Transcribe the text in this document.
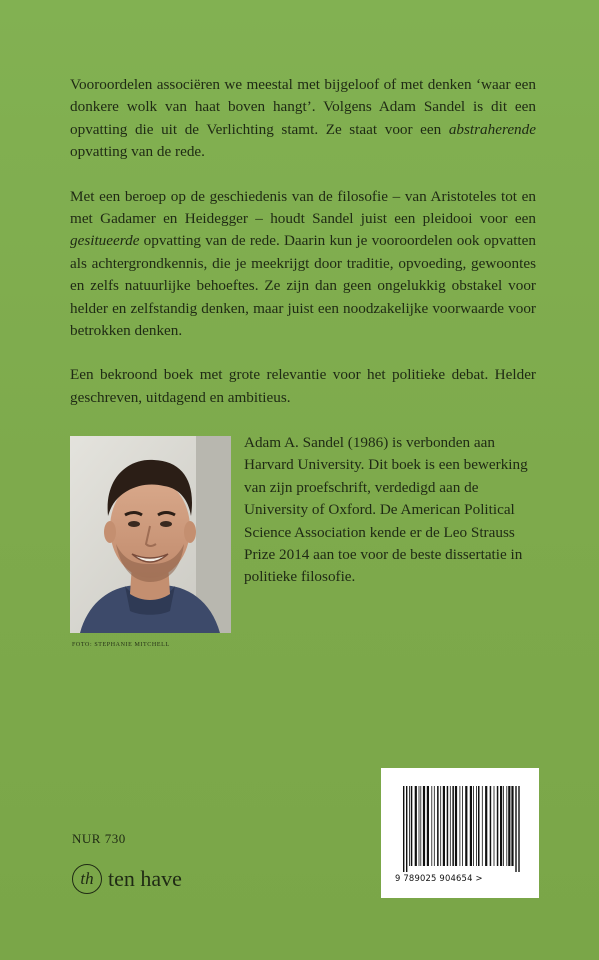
Vooroordelen associëren we meestal met bijgeloof of met denken ‘waar een donkere wolk van haat boven hangt’. Volgens Adam Sandel is dit een opvatting die uit de Verlichting stamt. Ze staat voor een abstraherende opvatting van de rede.

Met een beroep op de geschiedenis van de filosofie – van Aristoteles tot en met Gadamer en Heidegger – houdt Sandel juist een pleidooi voor een gesitueerde opvatting van de rede. Daarin kun je vooroordelen ook opvatten als achtergrondkennis, die je meekrijgt door traditie, opvoeding, gewoontes en zelfs natuurlijke behoeftes. Ze zijn dan geen ongelukkig obstakel voor helder en zelfstandig denken, maar juist een noodzakelijke voorwaarde voor betrokken denken.

Een bekroond boek met grote relevantie voor het politieke debat. Helder geschreven, uitdagend en ambitieus.

FOTO: STEPHANIE MITCHELL

Adam A. Sandel (1986) is verbonden aan Harvard University. Dit boek is een bewerking van zijn proefschrift, verdedigd aan de University of Oxford. De American Political Science Association kende er de Leo Strauss Prize 2014 aan toe voor de beste dissertatie in politieke filosofie.

NUR 730
th ten have	9 789025 904654 >
